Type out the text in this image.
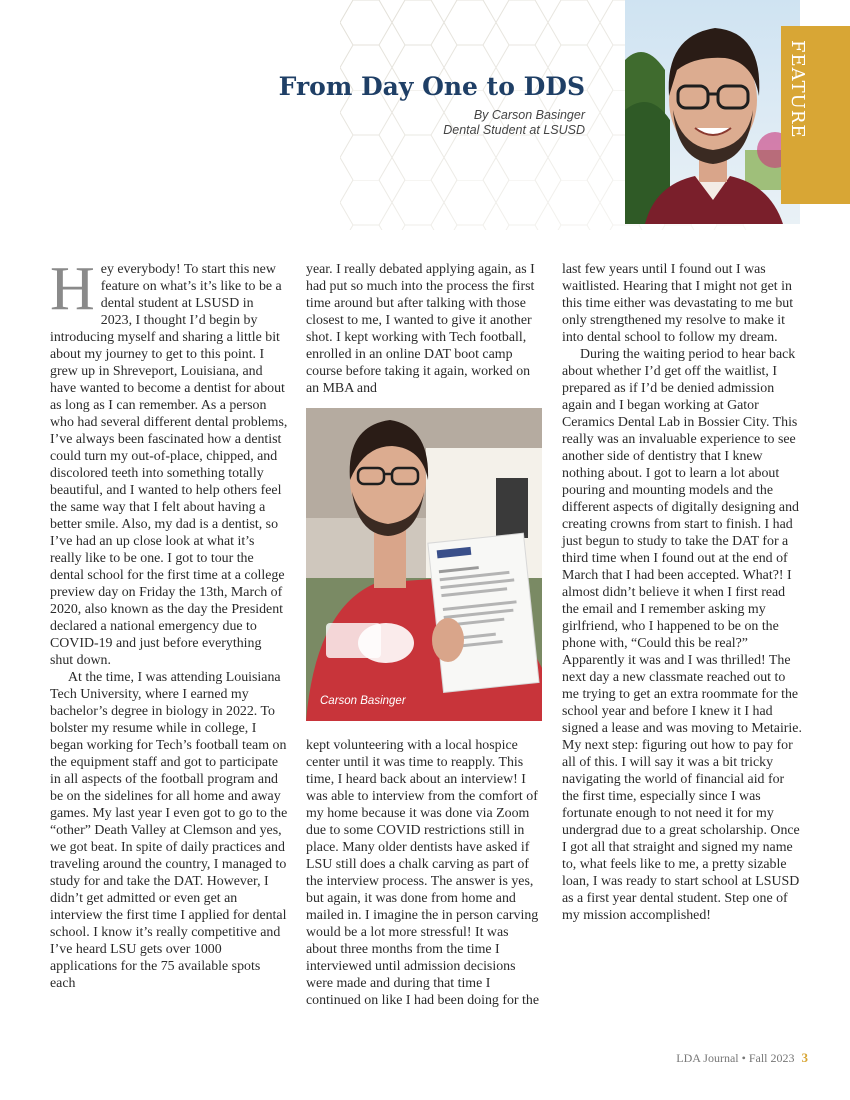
From Day One to DDS
By Carson Basinger
Dental Student at LSUSD	FEATURE

Hey everybody! To start this new feature on what’s it’s like to be a dental student at LSUSD in 2023, I thought I’d begin by introducing myself and sharing a little bit about my journey to get to this point. I grew up in Shreveport, Louisiana, and have wanted to become a dentist for about as long as I can remember. As a person who had several different dental problems, I’ve always been fascinated how a dentist could turn my out-of-place, chipped, and discolored teeth into something totally beautiful, and I wanted to help others feel the same way that I felt about having a better smile. Also, my dad is a dentist, so I’ve had an up close look at what it’s really like to be one. I got to tour the dental school for the first time at a college preview day on Friday the 13th, March of 2020, also known as the day the President declared a national emergency due to COVID-19 and just before everything shut down.

At the time, I was attending Louisiana Tech University, where I earned my bachelor’s degree in biology in 2022. To bolster my resume while in college, I began working for Tech’s football team on the equipment staff and got to participate in all aspects of the football program and be on the sidelines for all home and away games. My last year I even got to go to the “other” Death Valley at Clemson and yes, we got beat. In spite of daily practices and traveling around the country, I managed to study for and take the DAT. However, I didn’t get admitted or even get an interview the first time I applied for dental school. I know it’s really competitive and I’ve heard LSU gets over 1000 applications for the 75 available spots each

year. I really debated applying again, as I had put so much into the process the first time around but after talking with those closest to me, I wanted to give it another shot. I kept working with Tech football, enrolled in an online DAT boot camp course before taking it again, worked on an MBA and

Carson Basinger

kept volunteering with a local hospice center until it was time to reapply. This time, I heard back about an interview! I was able to interview from the comfort of my home because it was done via Zoom due to some COVID restrictions still in place. Many older dentists have asked if LSU still does a chalk carving as part of the interview process. The answer is yes, but again, it was done from home and mailed in. I imagine the in person carving would be a lot more stressful! It was about three months from the time I interviewed until admission decisions were made and during that time I continued on like I had been doing for the

last few years until I found out I was waitlisted. Hearing that I might not get in this time either was devastating to me but only strengthened my resolve to make it into dental school to follow my dream.

During the waiting period to hear back about whether I’d get off the waitlist, I prepared as if I’d be denied admission again and I began working at Gator Ceramics Dental Lab in Bossier City. This really was an invaluable experience to see another side of dentistry that I knew nothing about. I got to learn a lot about pouring and mounting models and the different aspects of digitally designing and creating crowns from start to finish. I had just begun to study to take the DAT for a third time when I found out at the end of March that I had been accepted. What?! I almost didn’t believe it when I first read the email and I remember asking my girlfriend, who I happened to be on the phone with, “Could this be real?” Apparently it was and I was thrilled! The next day a new classmate reached out to me trying to get an extra roommate for the school year and before I knew it I had signed a lease and was moving to Metairie. My next step: figuring out how to pay for all of this. I will say it was a bit tricky navigating the world of financial aid for the first time, especially since I was fortunate enough to not need it for my undergrad due to a great scholarship. Once I got all that straight and signed my name to, what feels like to me, a pretty sizable loan, I was ready to start school at LSUSD as a first year dental student. Step one of my mission accomplished!

LDA Journal • Fall 2023 3
